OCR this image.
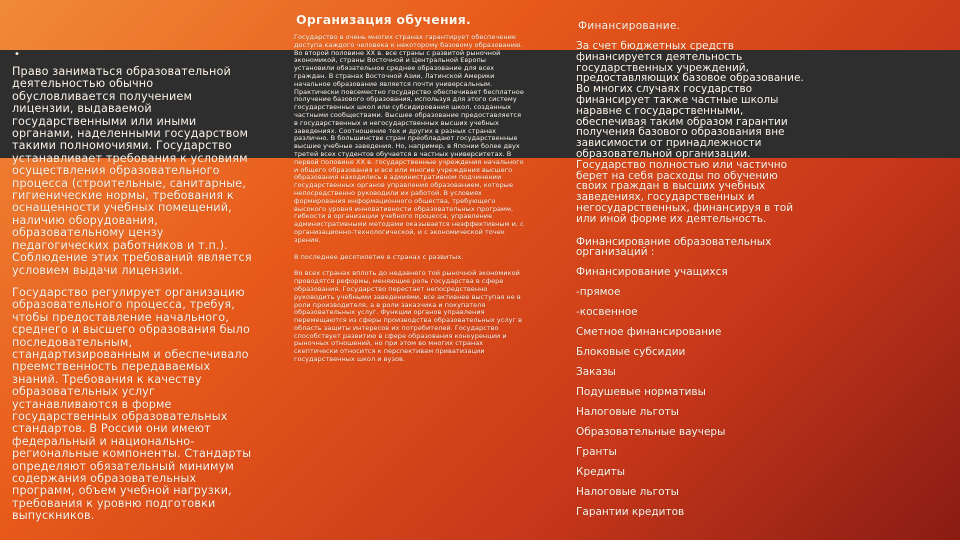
Организация обучения.
•

Право заниматься образовательной деятельностью обычно обусловливается получением лицензии, выдаваемой государственными или иными органами, наделенными государством такими полномочиями. Государство устанавливает требования к условиям осуществления образовательного процесса (строительные, санитарные, гигиенические нормы, требования к оснащенности учебных помещений, наличию оборудования, образовательному цензу педагогических работников и т.п.). Соблюдение этих требований является условием выдачи лицензии.

Государство регулирует организацию образовательного процесса, требуя, чтобы предоставление начального, среднего и высшего образования было последовательным, стандартизированным и обеспечивало преемственность передаваемых знаний. Требования к качеству образовательных услуг устанавливаются в форме государственных образовательных стандартов. В России они имеют федеральный и национально-региональные компоненты. Стандарты определяют обязательный минимум содержания образовательных программ, объем учебной нагрузки, требования к уровню подготовки выпускников.

Государство в очень многих странах гарантирует обеспечение доступа каждого человека к некоторому базовому образованию. Во второй половине XX в. все страны с развитой рыночной экономикой, страны Восточной и Центральной Европы установили обязательное среднее образование для всех граждан. В странах Восточной Азии, Латинской Америки начальное образование является почти универсальным. Практически повсеместно государство обеспечивает бесплатное получение базового образования, используя для этого систему государственных школ или субсидирования школ, созданных частными сообществами. Высшее образование предоставляется в государственных и негосударственных высших учебных заведениях. Соотношение тех и других в разных странах различно. В большинстве стран преобладают государственные высшие учебные заведения. Но, например, в Японии более двух третей всех студентов обучается в частных университетах. В первой половине XX в. государственные учреждения начального и общего образования и все или многие учреждения высшего образования находились в административном подчинении государственных органов управления образованием, которые непосредственно руководили их работой. В условиях формирования информационного общества, требующего высокого уровня инновативности образовательных программ, гибкости в организации учебного процесса, управление административными методами оказывается неэффективным и, с организационно-технологической, и с экономической точек зрения.

В последнее десятилетие в странах с развитых.

Во всех странах вплоть до недавнего той рыночной экономикой проводятся реформы, меняющие роль государства в сфере образования. Государство перестает непосредственно руководить учебными заведениями, все активнее выступая не в роли производителя, а в роли заказчика и покупателя образовательных услуг. Функции органов управления перемещаются из сферы производства образовательных услуг в область защиты интересов их потребителей. Государство способствует развитию в сфере образования конкуренции и рыночных отношений, но при этом во многих странах скептически относится к перспективам приватизации государственных школ и вузов.

Финансирование.

За счет бюджетных средств финансируется деятельность государственных учреждений, предоставляющих базовое образование. Во многих случаях государство финансирует также частные школы наравне с государственными, обеспечивая таким образом гарантии получения базового образования вне зависимости от принадлежности образовательной организации. Государство полностью или частично берет на себя расходы по обучению своих граждан в высших учебных заведениях, государственных и негосударственных, финансируя в той или иной форме их деятельность.

Финансирование образовательных организаций :
Финансирование учащихся
-прямое
-косвенное
Сметное финансирование
Блоковые субсидии
Заказы
Подушевые нормативы
Налоговые льготы
Образовательные ваучеры
Гранты
Кредиты
Налоговые льготы
Гарантии кредитов
